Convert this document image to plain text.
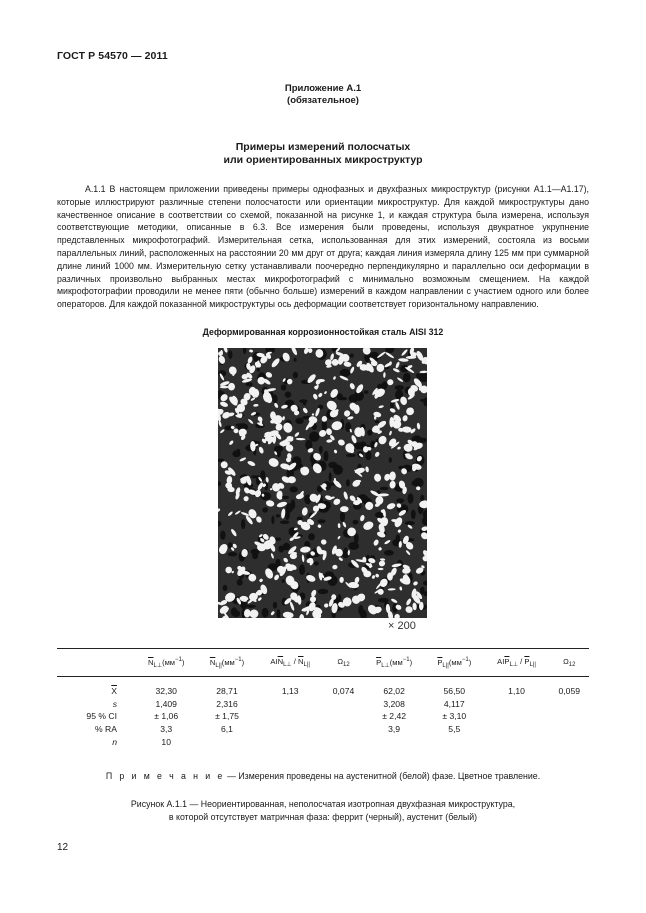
ГОСТ Р 54570 — 2011
Приложение А.1
(обязательное)
Примеры измерений полосчатых
или ориентированных микроструктур

А.1.1 В настоящем приложении приведены примеры однофазных и двухфазных микроструктур (рисунки А1.1—А1.17), которые иллюстрируют различные степени полосчатости или ориентации микроструктур. Для каждой микроструктуры дано качественное описание в соответствии со схемой, показанной на рисунке 1, и каждая структура была измерена, используя соответствующие методики, описанные в 6.3. Все измерения были проведены, используя двукратное укрупнение представленных микрофотографий. Измерительная сетка, использованная для этих измерений, состояла из восьми параллельных линий, расположенных на расстоянии 20 мм друг от друга; каждая линия измеряла длину 125 мм при суммарной длине линий 1000 мм. Измерительную сетку устанавливали поочередно перпендикулярно и параллельно оси деформации в различных произвольно выбранных местах микрофотографий с минимально возможным смещением. На каждой микрофотографии проводили не менее пяти (обычно больше) измерений в каждом направлении с участием одного или более операторов. Для каждой показанной микроструктуры ось деформации соответствует горизонтальному направлению.

Деформированная коррозионностойкая сталь AISI 312
× 200
	$\overline{N}_{L\perp}(мм^{-1})$	$\overline{N}_{L||}(мм^{-1})$	$AI\overline{N}_{L\perp} / \overline{N}_{L||}$	$\Omega_{12}$	$\overline{P}_{L\perp}(мм^{-1})$	$\overline{P}_{L||}(мм^{-1})$	$AI\overline{P}_{L\perp} / \overline{P}_{L||}$	$\Omega_{12}$
$\overline{X}$	32,30	28,71	1,13	0,074	62,02	56,50	1,10	0,059
s	1,409	2,316			3,208	4,117		
95 % CI	± 1,06	± 1,75			± 2,42	± 3,10		
% RA	3,3	6,1			3,9	5,5		
n	10							
П р и м е ч а н и е — Измерения проведены на аустенитной (белой) фазе. Цветное травление.
Рисунок А.1.1 — Неориентированная, неполосчатая изотропная двухфазная микроструктура,
в которой отсутствует матричная фаза: феррит (черный), аустенит (белый)
12
